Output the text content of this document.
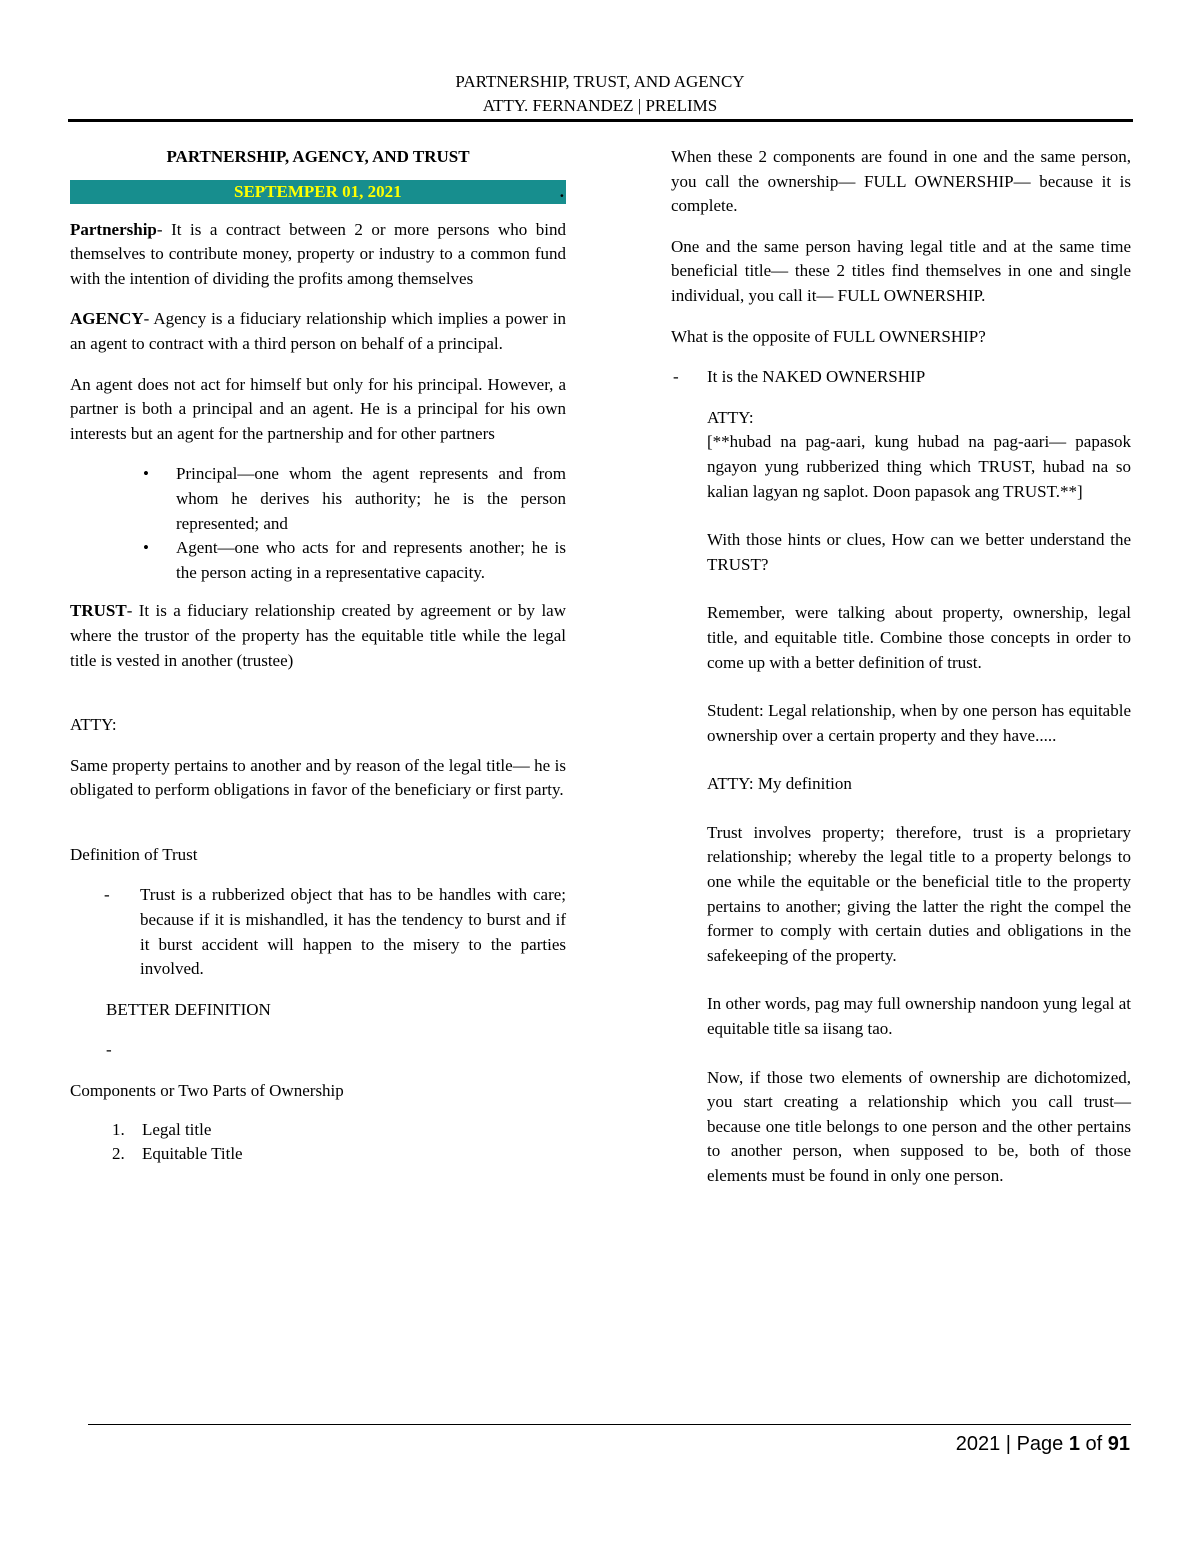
PARTNERSHIP, TRUST, AND AGENCY
ATTY. FERNANDEZ | PRELIMS

PARTNERSHIP, AGENCY, AND TRUST

SEPTEMPER 01, 2021	.

Partnership- It is a contract between 2 or more persons who bind themselves to contribute money, property or industry to a common fund with the intention of dividing the profits among themselves

AGENCY- Agency is a fiduciary relationship which implies a power in an agent to contract with a third person on behalf of a principal.

An agent does not act for himself but only for his principal. However, a partner is both a principal and an agent. He is a principal for his own interests but an agent for the partnership and for other partners

• Principal—one whom the agent represents and from whom he derives his authority; he is the person represented; and
• Agent—one who acts for and represents another; he is the person acting in a representative capacity.

TRUST- It is a fiduciary relationship created by agreement or by law where the trustor of the property has the equitable title while the legal title is vested in another (trustee)

ATTY:

Same property pertains to another and by reason of the legal title— he is obligated to perform obligations in favor of the beneficiary or first party.

Definition of Trust

- Trust is a rubberized object that has to be handles with care; because if it is mishandled, it has the tendency to burst and if it burst accident will happen to the misery to the parties involved.

BETTER DEFINITION

-

Components or Two Parts of Ownership

1. Legal title
2. Equitable Title

When these 2 components are found in one and the same person, you call the ownership— FULL OWNERSHIP— because it is complete.

One and the same person having legal title and at the same time beneficial title— these 2 titles find themselves in one and single individual, you call it— FULL OWNERSHIP.

What is the opposite of FULL OWNERSHIP?

- It is the NAKED OWNERSHIP

ATTY:

[**hubad na pag-aari, kung hubad na pag-aari— papasok ngayon yung rubberized thing which TRUST, hubad na so kalian lagyan ng saplot. Doon papasok ang TRUST.**]

With those hints or clues, How can we better understand the TRUST?

Remember, were talking about property, ownership, legal title, and equitable title. Combine those concepts in order to come up with a better definition of trust.

Student: Legal relationship, when by one person has equitable ownership over a certain property and they have.....

ATTY: My definition

Trust involves property; therefore, trust is a proprietary relationship; whereby the legal title to a property belongs to one while the equitable or the beneficial title to the property pertains to another; giving the latter the right the compel the former to comply with certain duties and obligations in the safekeeping of the property.

In other words, pag may full ownership nandoon yung legal at equitable title sa iisang tao.

Now, if those two elements of ownership are dichotomized, you start creating a relationship which you call trust— because one title belongs to one person and the other pertains to another person, when supposed to be, both of those elements must be found in only one person.

2021 | Page 1 of 91
